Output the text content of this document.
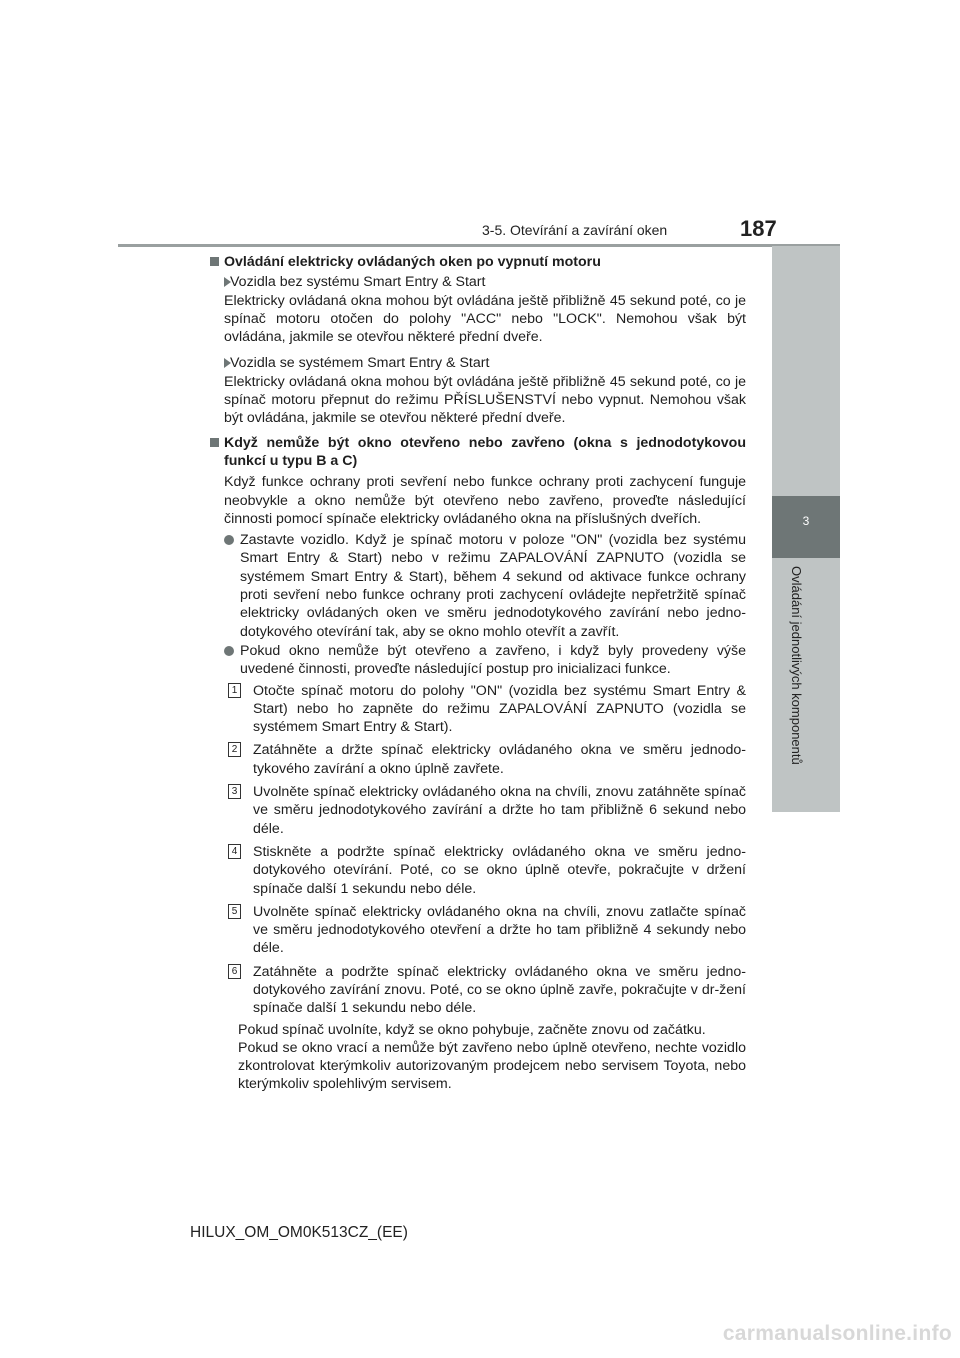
3-5. Otevírání a zavírání oken	187
3
Ovládání jednotlivých komponentů
Ovládání elektricky ovládaných oken po vypnutí motoru
Vozidla bez systému Smart Entry & Start
Elektricky ovládaná okna mohou být ovládána ještě přibližně 45 sekund poté, co je spínač motoru otočen do polohy "ACC" nebo "LOCK". Nemohou však být ovládána, jakmile se otevřou některé přední dveře.
Vozidla se systémem Smart Entry & Start
Elektricky ovládaná okna mohou být ovládána ještě přibližně 45 sekund poté, co je spínač motoru přepnut do režimu PŘÍSLUŠENSTVÍ nebo vypnut. Nemohou však být ovládána, jakmile se otevřou některé přední dveře.
Když nemůže být okno otevřeno nebo zavřeno (okna s jednodotykovou funkcí u typu B a C)
Když funkce ochrany proti sevření nebo funkce ochrany proti zachycení funguje neobvykle a okno nemůže být otevřeno nebo zavřeno, proveďte následující činnosti pomocí spínače elektricky ovládaného okna na příslušných dveřích.
Zastavte vozidlo. Když je spínač motoru v poloze "ON" (vozidla bez systému Smart Entry & Start) nebo v režimu ZAPALOVÁNÍ ZAPNUTO (vozidla se systémem Smart Entry & Start), během 4 sekund od aktivace funkce ochrany proti sevření nebo funkce ochrany proti zachycení ovládejte nepřetržitě spínač elektricky ovládaných oken ve směru jednodotykového zavírání nebo jedno-dotykového otevírání tak, aby se okno mohlo otevřít a zavřít.
Pokud okno nemůže být otevřeno a zavřeno, i když byly provedeny výše uvedené činnosti, proveďte následující postup pro inicializaci funkce.
1 Otočte spínač motoru do polohy "ON" (vozidla bez systému Smart Entry & Start) nebo ho zapněte do režimu ZAPALOVÁNÍ ZAPNUTO (vozidla se systémem Smart Entry & Start).
2 Zatáhněte a držte spínač elektricky ovládaného okna ve směru jednodo-tykového zavírání a okno úplně zavřete.
3 Uvolněte spínač elektricky ovládaného okna na chvíli, znovu zatáhněte spínač ve směru jednodotykového zavírání a držte ho tam přibližně 6 sekund nebo déle.
4 Stiskněte a podržte spínač elektricky ovládaného okna ve směru jedno-dotykového otevírání. Poté, co se okno úplně otevře, pokračujte v držení spínače další 1 sekundu nebo déle.
5 Uvolněte spínač elektricky ovládaného okna na chvíli, znovu zatlačte spínač ve směru jednodotykového otevření a držte ho tam přibližně 4 sekundy nebo déle.
6 Zatáhněte a podržte spínač elektricky ovládaného okna ve směru jedno-dotykového zavírání znovu. Poté, co se okno úplně zavře, pokračujte v dr-žení spínače další 1 sekundu nebo déle.
Pokud spínač uvolníte, když se okno pohybuje, začněte znovu od začátku.
Pokud se okno vrací a nemůže být zavřeno nebo úplně otevřeno, nechte vozidlo zkontrolovat kterýmkoliv autorizovaným prodejcem nebo servisem Toyota, nebo kterýmkoliv spolehlivým servisem.
HILUX_OM_OM0K513CZ_(EE)
carmanualsonline.info
